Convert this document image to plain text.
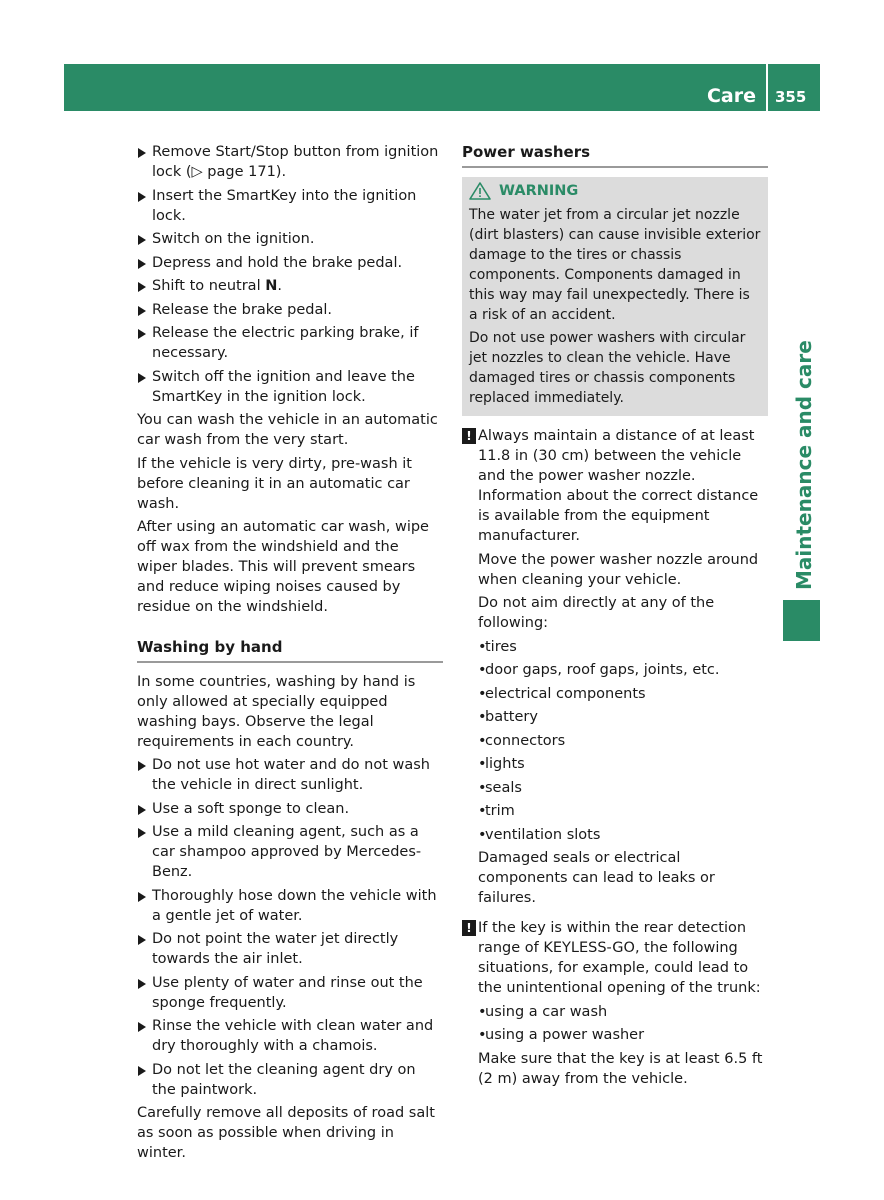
Care 355
Maintenance and care
Remove Start/Stop button from ignition lock (▷ page 171).
Insert the SmartKey into the ignition lock.
Switch on the ignition.
Depress and hold the brake pedal.
Shift to neutral N.
Release the brake pedal.
Release the electric parking brake, if necessary.
Switch off the ignition and leave the SmartKey in the ignition lock.

You can wash the vehicle in an automatic car wash from the very start.

If the vehicle is very dirty, pre-wash it before cleaning it in an automatic car wash.

After using an automatic car wash, wipe off wax from the windshield and the wiper blades. This will prevent smears and reduce wiping noises caused by residue on the windshield.

Washing by hand

In some countries, washing by hand is only allowed at specially equipped washing bays. Observe the legal requirements in each country.

Do not use hot water and do not wash the vehicle in direct sunlight.
Use a soft sponge to clean.
Use a mild cleaning agent, such as a car shampoo approved by Mercedes-Benz.
Thoroughly hose down the vehicle with a gentle jet of water.
Do not point the water jet directly towards the air inlet.
Use plenty of water and rinse out the sponge frequently.
Rinse the vehicle with clean water and dry thoroughly with a chamois.
Do not let the cleaning agent dry on the paintwork.

Carefully remove all deposits of road salt as soon as possible when driving in winter.

Power washers
WARNING

The water jet from a circular jet nozzle (dirt blasters) can cause invisible exterior damage to the tires or chassis components. Components damaged in this way may fail unexpectedly. There is a risk of an accident.

Do not use power washers with circular jet nozzles to clean the vehicle. Have damaged tires or chassis components replaced immediately.

! Always maintain a distance of at least 11.8 in (30 cm) between the vehicle and the power washer nozzle. Information about the correct distance is available from the equipment manufacturer.

Move the power washer nozzle around when cleaning your vehicle.

Do not aim directly at any of the following:

•
tires
•
door gaps, roof gaps, joints, etc.
•
electrical components
•
battery
•
connectors
•
lights
•
seals
•
trim
•
ventilation slots

Damaged seals or electrical components can lead to leaks or failures.

! If the key is within the rear detection range of KEYLESS-GO, the following situations, for example, could lead to the unintentional opening of the trunk:
•
using a car wash
•
using a power washer

Make sure that the key is at least 6.5 ft (2 m) away from the vehicle.
